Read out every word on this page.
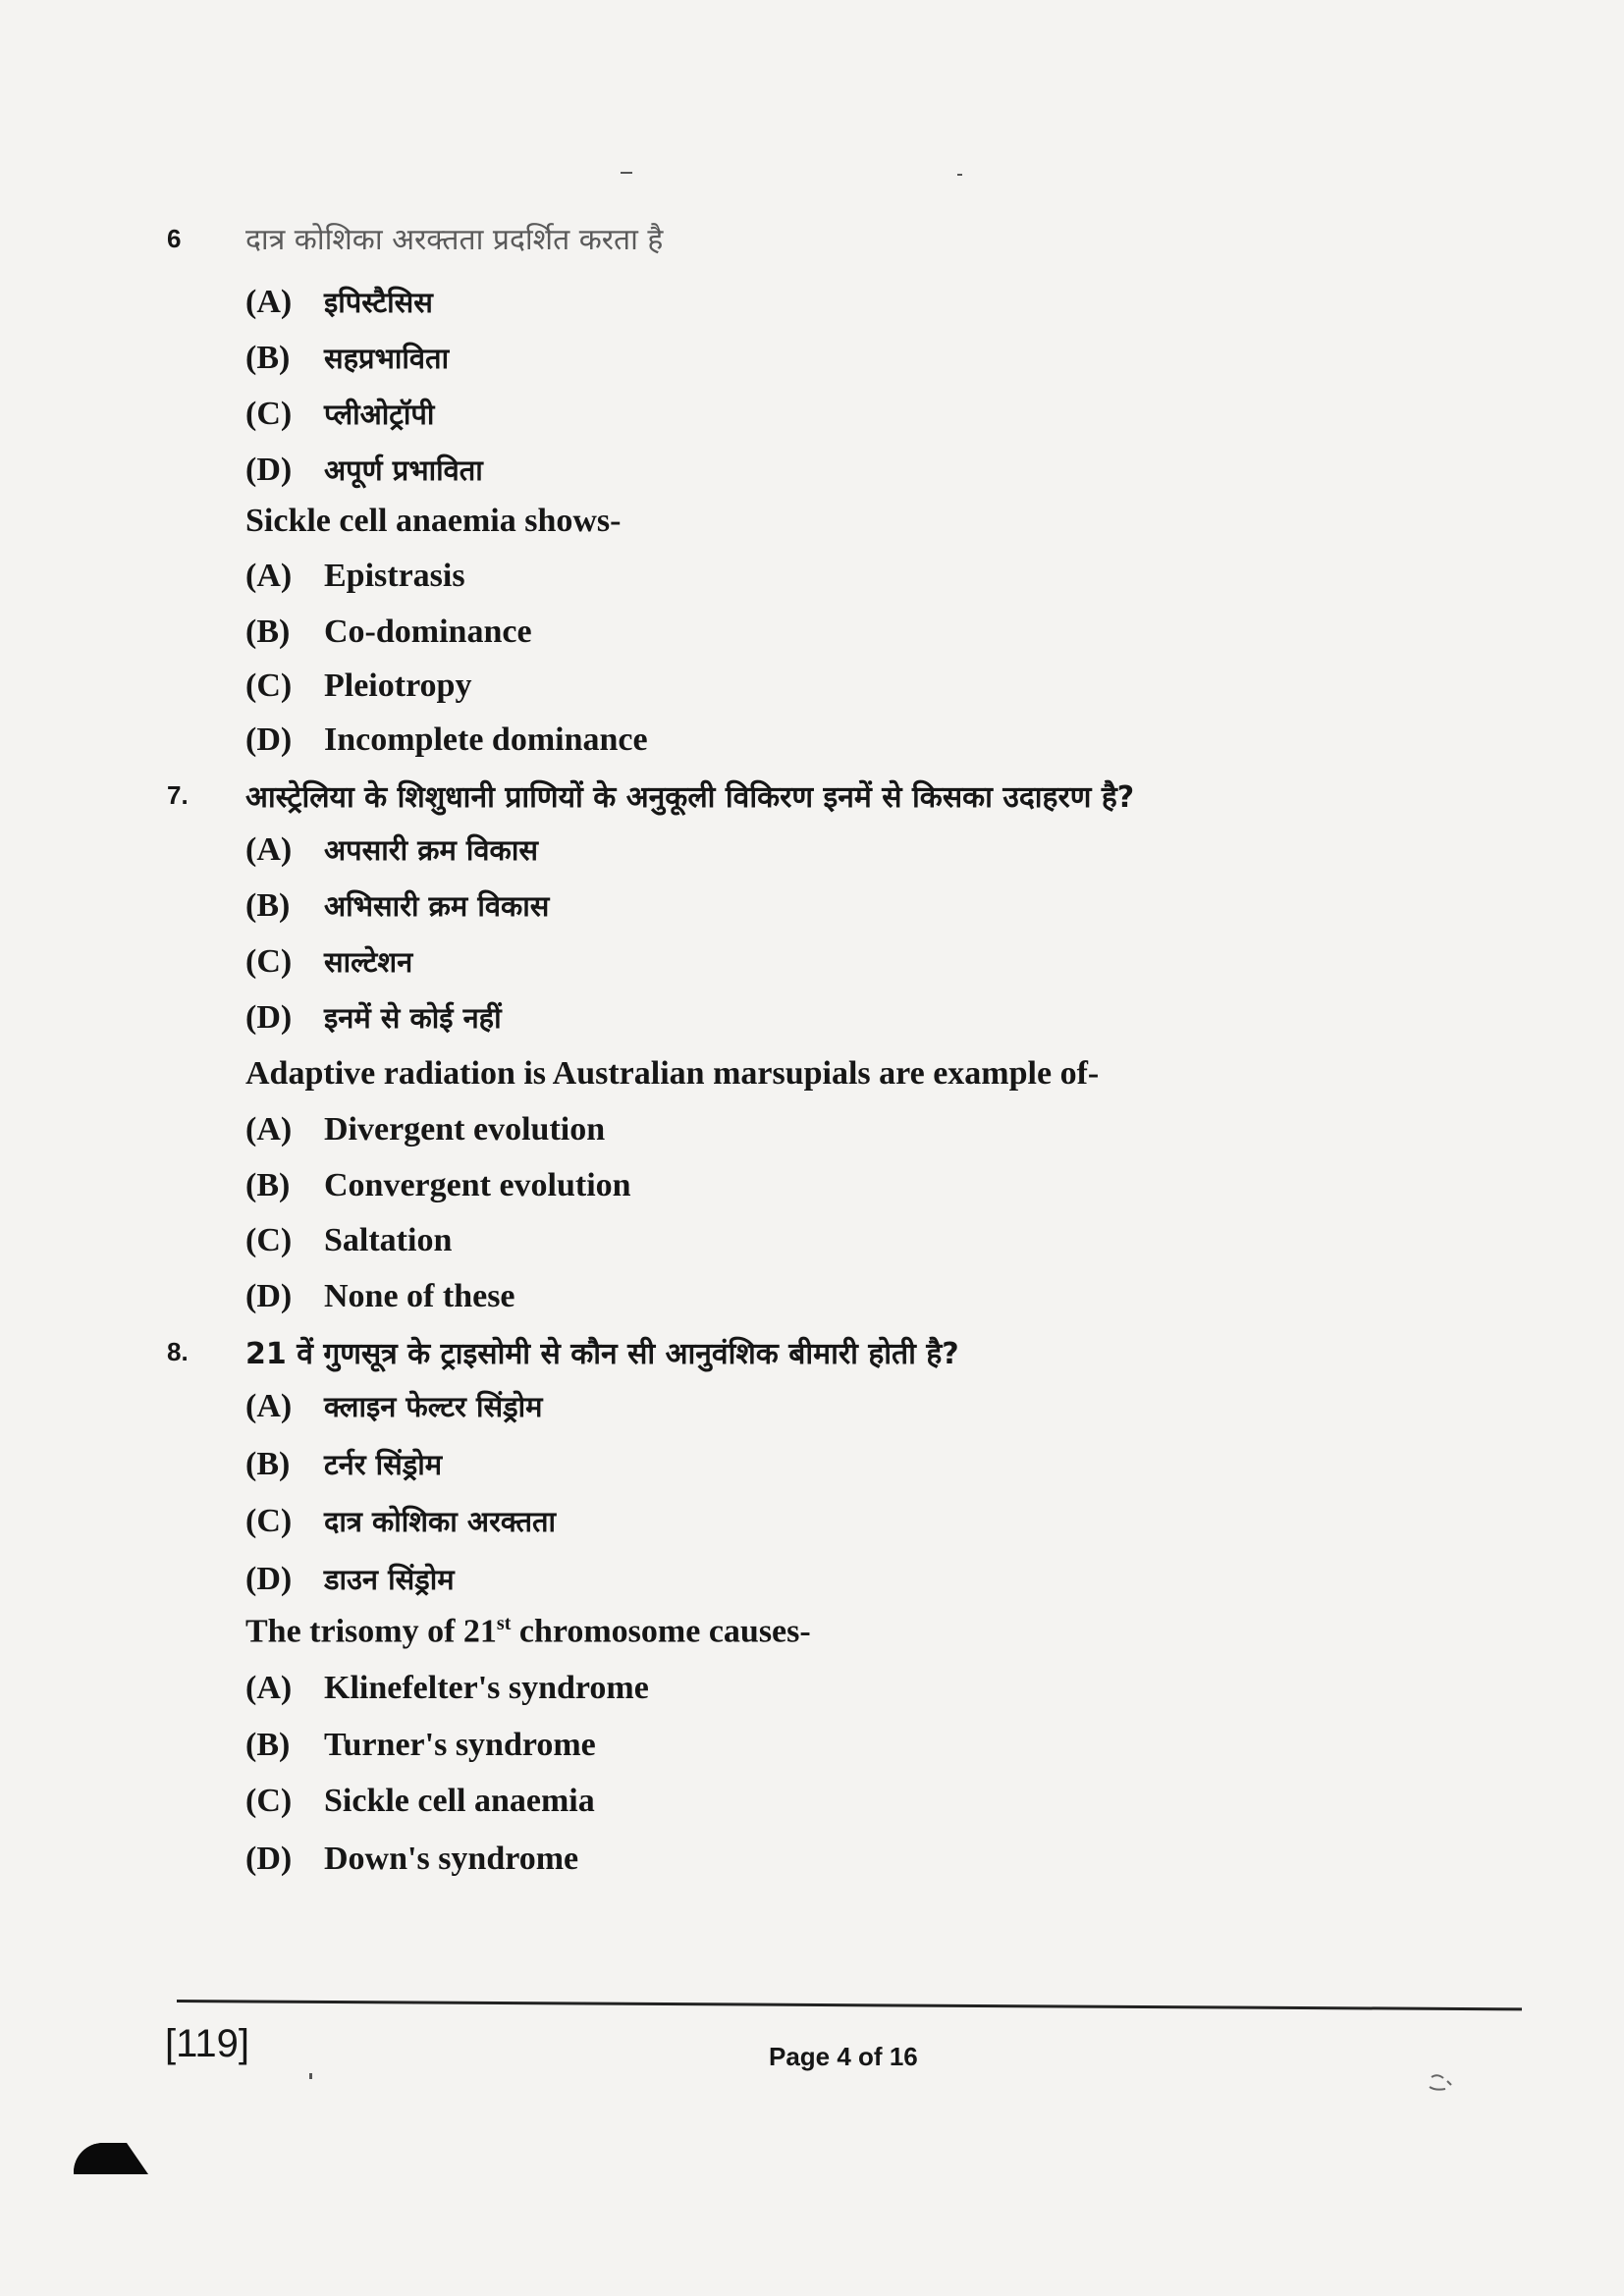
6 दात्र कोशिका अरक्तता प्रदर्शित करता है
(A) इपिस्टैसिस
(B) सहप्रभाविता
(C) प्लीओट्रॉपी
(D) अपूर्ण प्रभाविता
Sickle cell anaemia shows-
(A) Epistrasis
(B) Co-dominance
(C) Pleiotropy
(D) Incomplete dominance
7. आस्ट्रेलिया के शिशुधानी प्राणियों के अनुकूली विकिरण इनमें से किसका उदाहरण है?
(A) अपसारी क्रम विकास
(B) अभिसारी क्रम विकास
(C) साल्टेशन
(D) इनमें से कोई नहीं
Adaptive radiation is Australian marsupials are example of-
(A) Divergent evolution
(B) Convergent evolution
(C) Saltation
(D) None of these
8. 21 वें गुणसूत्र के ट्राइसोमी से कौन सी आनुवंशिक बीमारी होती है?
(A) क्लाइन फेल्टर सिंड्रोम
(B) टर्नर सिंड्रोम
(C) दात्र कोशिका अरक्तता
(D) डाउन सिंड्रोम
The trisomy of 21st chromosome causes-
(A) Klinefelter's syndrome
(B) Turner's syndrome
(C) Sickle cell anaemia
(D) Down's syndrome
[119]	Page 4 of 16
